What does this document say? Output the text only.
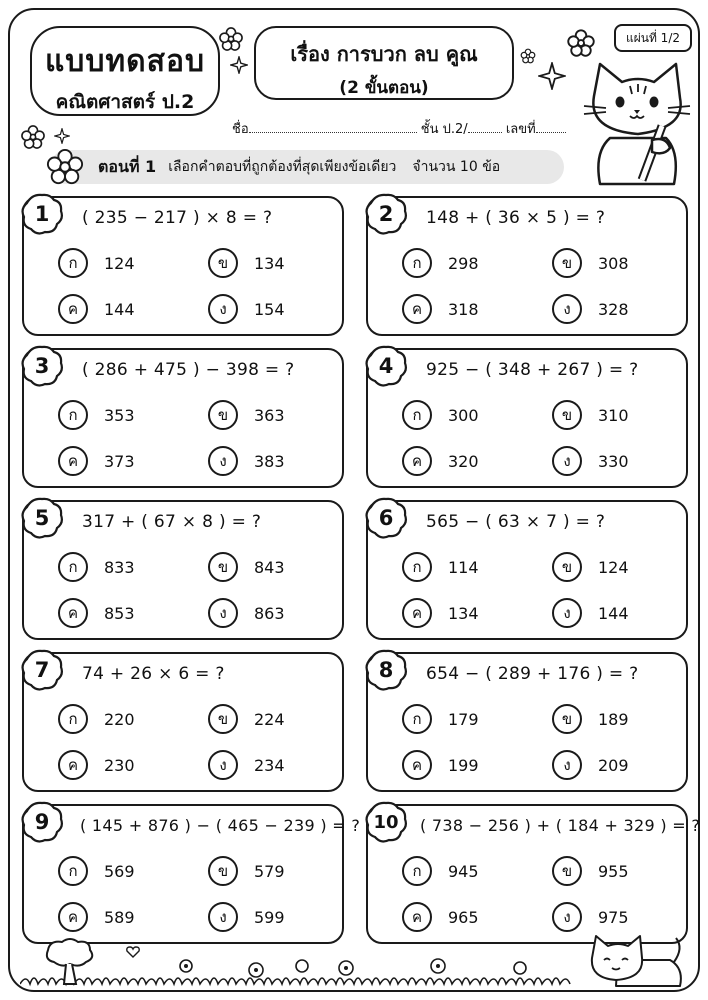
แบบทดสอบ
คณิตศาสตร์ ป.2
เรื่อง การบวก ลบ คูณ
(2 ขั้นตอน)
แผ่นที่ 1/2
ชื่อ	ชั้น ป.2/	เลขที่
ตอนที่ 1 เลือกคำตอบที่ถูกต้องที่สุดเพียงข้อเดียว จำนวน 10 ข้อ
1 ( 235 − 217 ) × 8 = ?
ก	124	ข	134
ค	144	ง	154
2 148 + ( 36 × 5 ) = ?
ก	298	ข	308
ค	318	ง	328
3 ( 286 + 475 ) − 398 = ?
ก	353	ข	363
ค	373	ง	383
4 925 − ( 348 + 267 ) = ?
ก	300	ข	310
ค	320	ง	330
5 317 + ( 67 × 8 ) = ?
ก	833	ข	843
ค	853	ง	863
6 565 − ( 63 × 7 ) = ?
ก	114	ข	124
ค	134	ง	144
7 74 + 26 × 6 = ?
ก	220	ข	224
ค	230	ง	234
8 654 − ( 289 + 176 ) = ?
ก	179	ข	189
ค	199	ง	209
9 ( 145 + 876 ) − ( 465 − 239 ) = ?
ก	569	ข	579
ค	589	ง	599
10 ( 738 − 256 ) + ( 184 + 329 ) = ?
ก	945	ข	955
ค	965	ง	975
